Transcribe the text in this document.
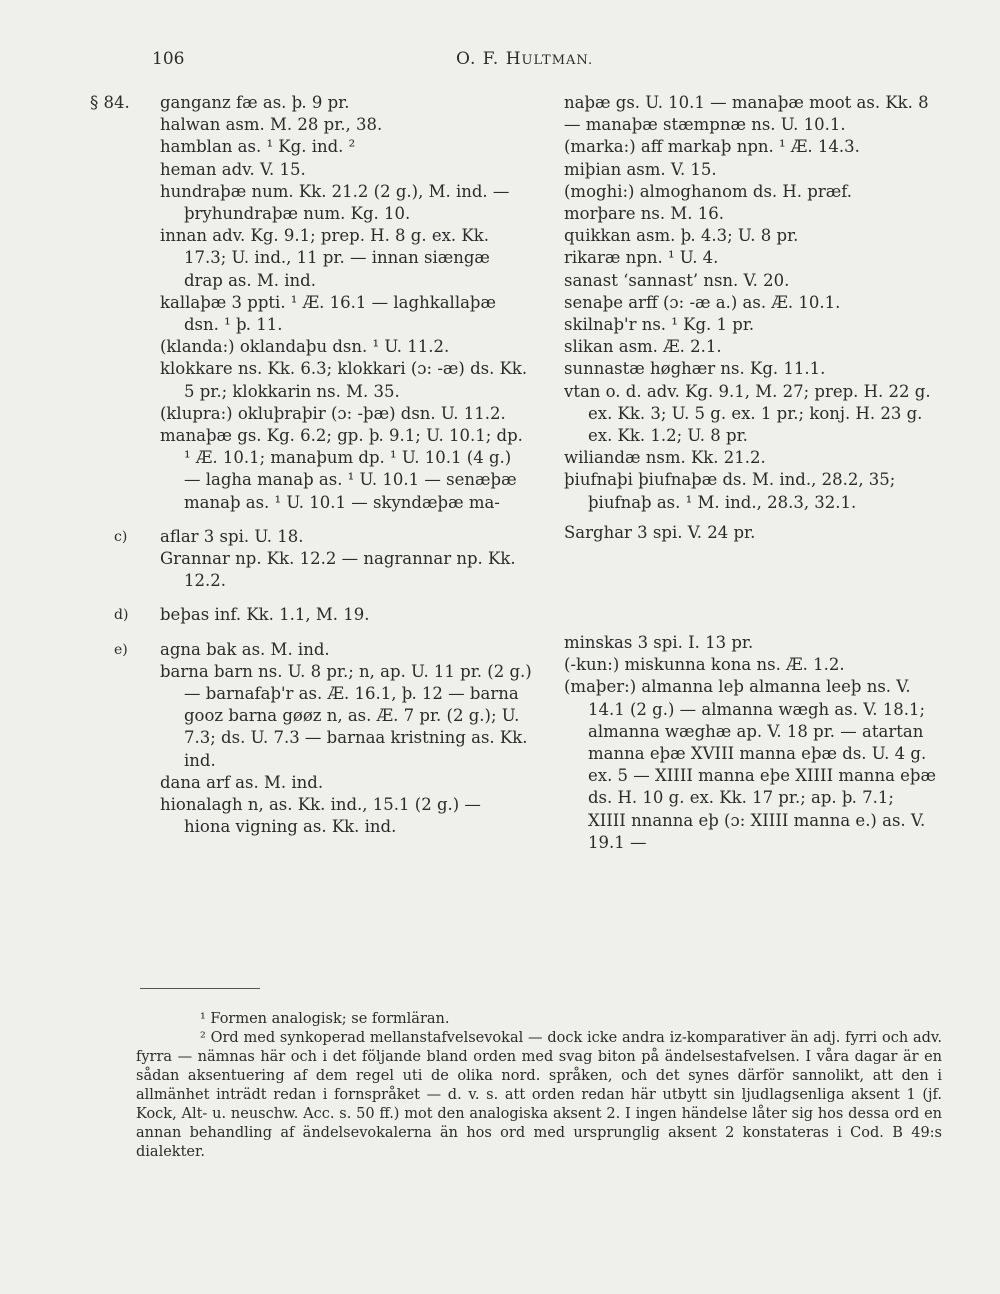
106	O. F. HULTMAN.
§ 84. ganganz fæ as. þ. 9 pr.
halwan asm. M. 28 pr., 38.
hamblan as. ¹ Kg. ind. ²
heman adv. V. 15.
hundraþæ num. Kk. 21.2 (2 g.), M. ind. — þryhundraþæ num. Kg. 10.
innan adv. Kg. 9.1; prep. H. 8 g. ex. Kk. 17.3; U. ind., 11 pr. — innan siængæ drap as. M. ind.
kallaþæ 3 ppti. ¹ Æ. 16.1 — laghkallaþæ dsn. ¹ þ. 11.
(klanda:) oklandaþu dsn. ¹ U. 11.2.
klokkare ns. Kk. 6.3; klokkari (ɔ: -æ) ds. Kk. 5 pr.; klokkarin ns. M. 35.
(klupra:) okluþraþir (ɔ: -þæ) dsn. U. 11.2.
manaþæ gs. Kg. 6.2; gp. þ. 9.1; U. 10.1; dp. ¹ Æ. 10.1; manaþum dp. ¹ U. 10.1 (4 g.) — lagha manaþ as. ¹ U. 10.1 — senæþæ manaþ as. ¹ U. 10.1 — skyndæþæ ma-
c) aflar 3 spi. U. 18.
Grannar np. Kk. 12.2 — nagrannar np. Kk. 12.2.
d) beþas inf. Kk. 1.1, M. 19.
e) agna bak as. M. ind.
barna barn ns. U. 8 pr.; n, ap. U. 11 pr. (2 g.) — barnafaþ'r as. Æ. 16.1, þ. 12 — barna gooz barna gøøz n, as. Æ. 7 pr. (2 g.); U. 7.3; ds. U. 7.3 — barnaa kristning as. Kk. ind.
dana arf as. M. ind.
hionalagh n, as. Kk. ind., 15.1 (2 g.) — hiona vigning as. Kk. ind.
naþæ gs. U. 10.1 — manaþæ moot as. Kk. 8 — manaþæ stæmpnæ ns. U. 10.1.
(marka:) aff markaþ npn. ¹ Æ. 14.3.
miþian asm. V. 15.
(moghi:) almoghanom ds. H. præf.
morþare ns. M. 16.
quikkan asm. þ. 4.3; U. 8 pr.
rikaræ npn. ¹ U. 4.
sanast ‘sannast’ nsn. V. 20.
senaþe arff (ɔ: -æ a.) as. Æ. 10.1.
skilnaþ'r ns. ¹ Kg. 1 pr.
slikan asm. Æ. 2.1.
sunnastæ høghær ns. Kg. 11.1.
vtan o. d. adv. Kg. 9.1, M. 27; prep. H. 22 g. ex. Kk. 3; U. 5 g. ex. 1 pr.; konj. H. 23 g. ex. Kk. 1.2; U. 8 pr.
wiliandæ nsm. Kk. 21.2.
þiufnaþi þiufnaþæ ds. M. ind., 28.2, 35; þiufnaþ as. ¹ M. ind., 28.3, 32.1.
Sarghar 3 spi. V. 24 pr.
minskas 3 spi. I. 13 pr.
(-kun:) miskunna kona ns. Æ. 1.2.
(maþer:) almanna leþ almanna leeþ ns. V. 14.1 (2 g.) — almanna wægh as. V. 18.1; almanna wæghæ ap. V. 18 pr. — atartan manna eþæ XVIII manna eþæ ds. U. 4 g. ex. 5 — XIIII manna eþe XIIII manna eþæ ds. H. 10 g. ex. Kk. 17 pr.; ap. þ. 7.1; XIIII nnanna eþ (ɔ: XIIII manna e.) as. V. 19.1 —

¹ Formen analogisk; se formläran.

² Ord med synkoperad mellanstafvelsevokal — dock icke andra iz-komparativer än adj. fyrri och adv. fyrra — nämnas här och i det följande bland orden med svag biton på ändelsestafvelsen. I våra dagar är en sådan aksentuering af dem regel uti de olika nord. språken, och det synes därför sannolikt, att den i allmänhet inträdt redan i fornspråket — d. v. s. att orden redan här utbytt sin ljudlagsenliga aksent 1 (jf. Kock, Alt- u. neuschw. Acc. s. 50 ff.) mot den analogiska aksent 2. I ingen händelse låter sig hos dessa ord en annan behandling af ändelsevokalerna än hos ord med ursprunglig aksent 2 konstateras i Cod. B 49:s dialekter.
